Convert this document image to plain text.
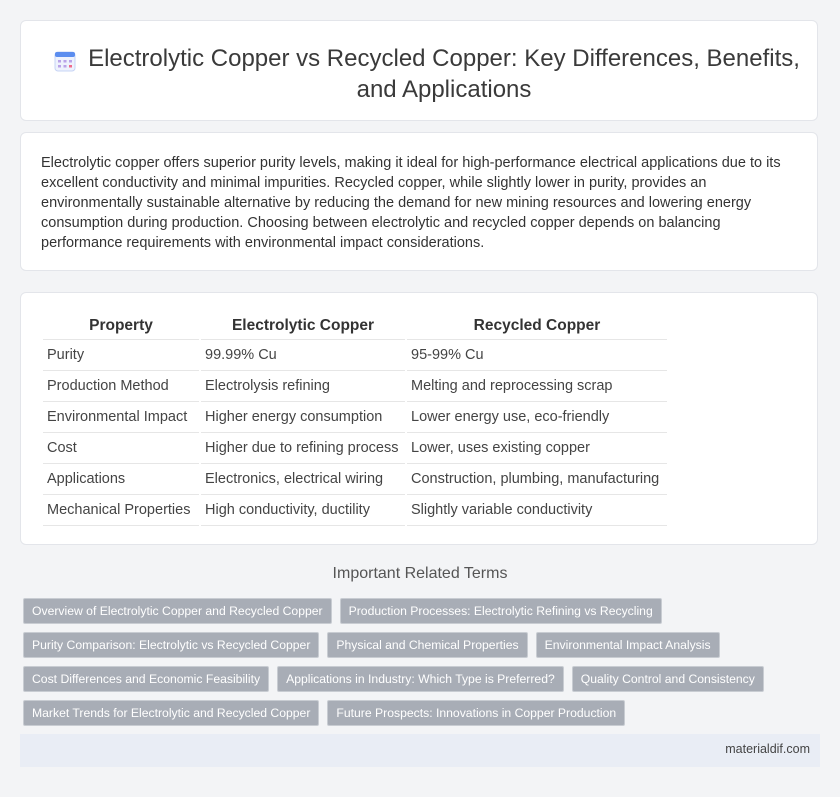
Electrolytic Copper vs Recycled Copper: Key Differences, Benefits, and Applications

Electrolytic copper offers superior purity levels, making it ideal for high-performance electrical applications due to its excellent conductivity and minimal impurities. Recycled copper, while slightly lower in purity, provides an environmentally sustainable alternative by reducing the demand for new mining resources and lowering energy consumption during production. Choosing between electrolytic and recycled copper depends on balancing performance requirements with environmental impact considerations.

Property	Electrolytic Copper	Recycled Copper
Purity	99.99% Cu	95-99% Cu
Production Method	Electrolysis refining	Melting and reprocessing scrap
Environmental Impact	Higher energy consumption	Lower energy use, eco-friendly
Cost	Higher due to refining process	Lower, uses existing copper
Applications	Electronics, electrical wiring	Construction, plumbing, manufacturing
Mechanical Properties	High conductivity, ductility	Slightly variable conductivity
Important Related Terms
Overview of Electrolytic Copper and Recycled Copper	Production Processes: Electrolytic Refining vs Recycling
Purity Comparison: Electrolytic vs Recycled Copper	Physical and Chemical Properties	Environmental Impact Analysis
Cost Differences and Economic Feasibility	Applications in Industry: Which Type is Preferred?	Quality Control and Consistency
Market Trends for Electrolytic and Recycled Copper	Future Prospects: Innovations in Copper Production
materialdif.com
